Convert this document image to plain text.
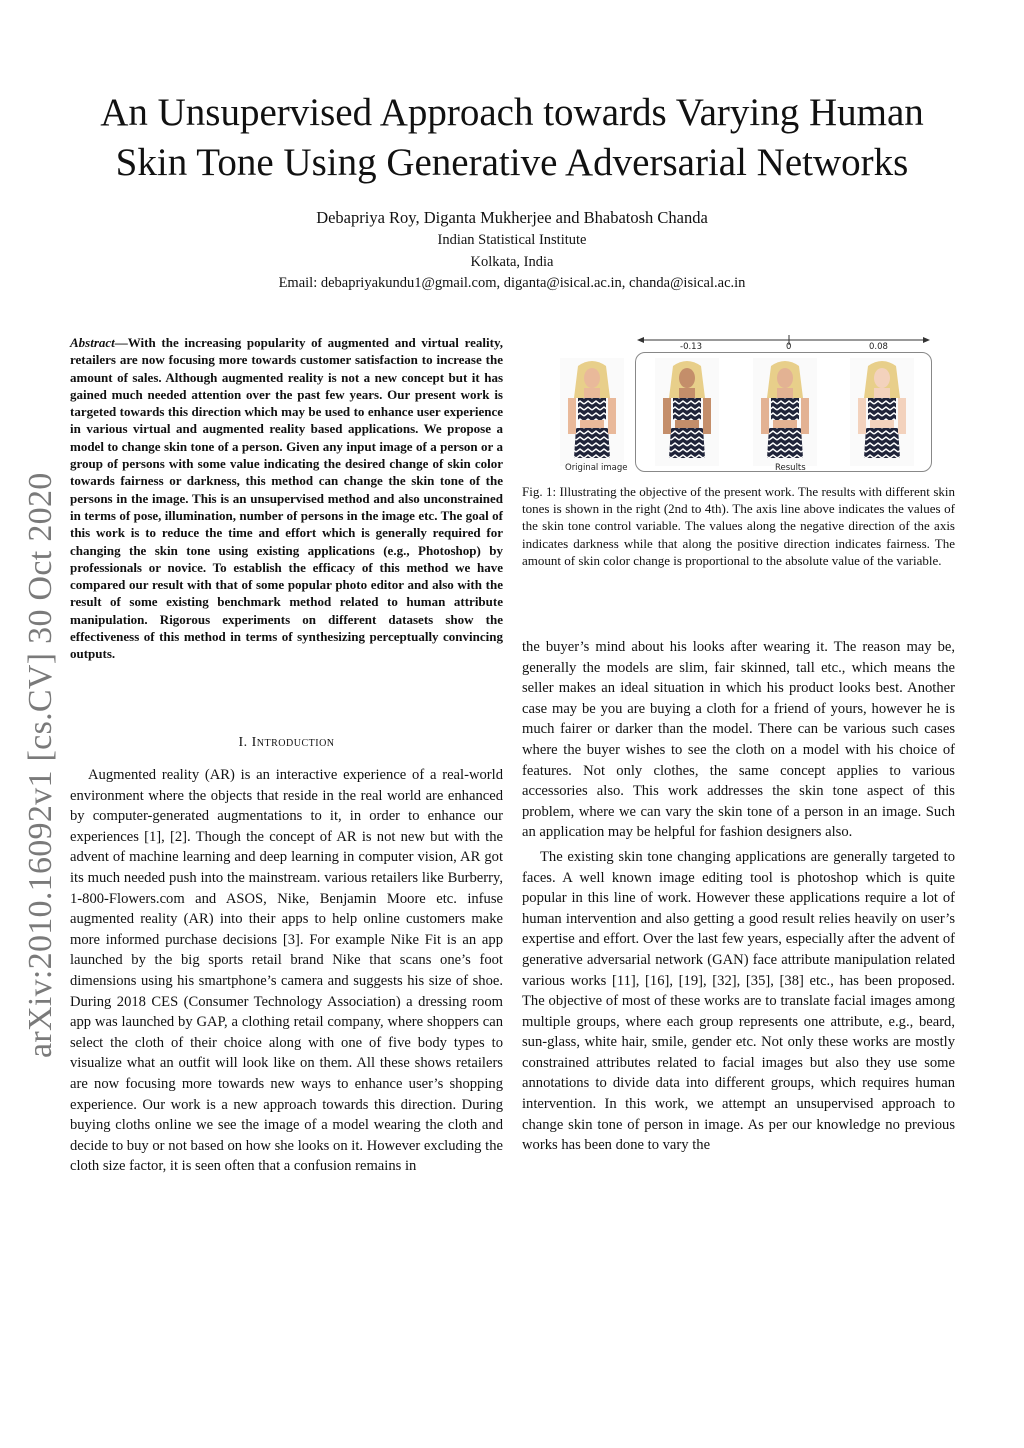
An Unsupervised Approach towards Varying Human
Skin Tone Using Generative Adversarial Networks
Debapriya Roy, Diganta Mukherjee and Bhabatosh Chanda
Indian Statistical Institute
Kolkata, India
Email: debapriyakundu1@gmail.com, diganta@isical.ac.in, chanda@isical.ac.in
arXiv:2010.16092v1 [cs.CV] 30 Oct 2020
Abstract—With the increasing popularity of augmented and virtual reality, retailers are now focusing more towards customer satisfaction to increase the amount of sales. Although augmented reality is not a new concept but it has gained much needed attention over the past few years. Our present work is targeted towards this direction which may be used to enhance user experience in various virtual and augmented reality based applications. We propose a model to change skin tone of a person. Given any input image of a person or a group of persons with some value indicating the desired change of skin color towards fairness or darkness, this method can change the skin tone of the persons in the image. This is an unsupervised method and also unconstrained in terms of pose, illumination, number of persons in the image etc. The goal of this work is to reduce the time and effort which is generally required for changing the skin tone using existing applications (e.g., Photoshop) by professionals or novice. To establish the efficacy of this method we have compared our result with that of some popular photo editor and also with the result of some existing benchmark method related to human attribute manipulation. Rigorous experiments on different datasets show the effectiveness of this method in terms of synthesizing perceptually convincing outputs.
I. Introduction

Augmented reality (AR) is an interactive experience of a real-world environment where the objects that reside in the real world are enhanced by computer-generated augmentations to it, in order to enhance our experiences [1], [2]. Though the concept of AR is not new but with the advent of machine learning and deep learning in computer vision, AR got its much needed push into the mainstream. various retailers like Burberry, 1-800-Flowers.com and ASOS, Nike, Benjamin Moore etc. infuse augmented reality (AR) into their apps to help online customers make more informed purchase decisions [3]. For example Nike Fit is an app launched by the big sports retail brand Nike that scans one’s foot dimensions using his smartphone’s camera and suggests his size of shoe. During 2018 CES (Consumer Technology Association) a dressing room app was launched by GAP, a clothing retail company, where shoppers can select the cloth of their choice along with one of five body types to visualize what an outfit will look like on them. All these shows retailers are now focusing more towards new ways to enhance user’s shopping experience. Our work is a new approach towards this direction. During buying cloths online we see the image of a model wearing the cloth and decide to buy or not based on how she looks on it. However excluding the cloth size factor, it is seen often that a confusion remains in

-0.13	0	0.08
Original image	Results
Fig. 1: Illustrating the objective of the present work. The results with different skin tones is shown in the right (2nd to 4th). The axis line above indicates the values of the skin tone control variable. The values along the negative direction of the axis indicates darkness while that along the positive direction indicates fairness. The amount of skin color change is proportional to the absolute value of the variable.

the buyer’s mind about his looks after wearing it. The reason may be, generally the models are slim, fair skinned, tall etc., which means the seller makes an ideal situation in which his product looks best. Another case may be you are buying a cloth for a friend of yours, however he is much fairer or darker than the model. There can be various such cases where the buyer wishes to see the cloth on a model with his choice of features. Not only clothes, the same concept applies to various accessories also. This work addresses the skin tone aspect of this problem, where we can vary the skin tone of a person in an image. Such an application may be helpful for fashion designers also.

The existing skin tone changing applications are generally targeted to faces. A well known image editing tool is photoshop which is quite popular in this line of work. However these applications require a lot of human intervention and also getting a good result relies heavily on user’s expertise and effort. Over the last few years, especially after the advent of generative adversarial network (GAN) face attribute manipulation related various works [11], [16], [19], [32], [35], [38] etc., has been proposed. The objective of most of these works are to translate facial images among multiple groups, where each group represents one attribute, e.g., beard, sun-glass, white hair, smile, gender etc. Not only these works are mostly constrained attributes related to facial images but also they use some annotations to divide data into different groups, which requires human intervention. In this work, we attempt an unsupervised approach to change skin tone of person in image. As per our knowledge no previous works has been done to vary the
